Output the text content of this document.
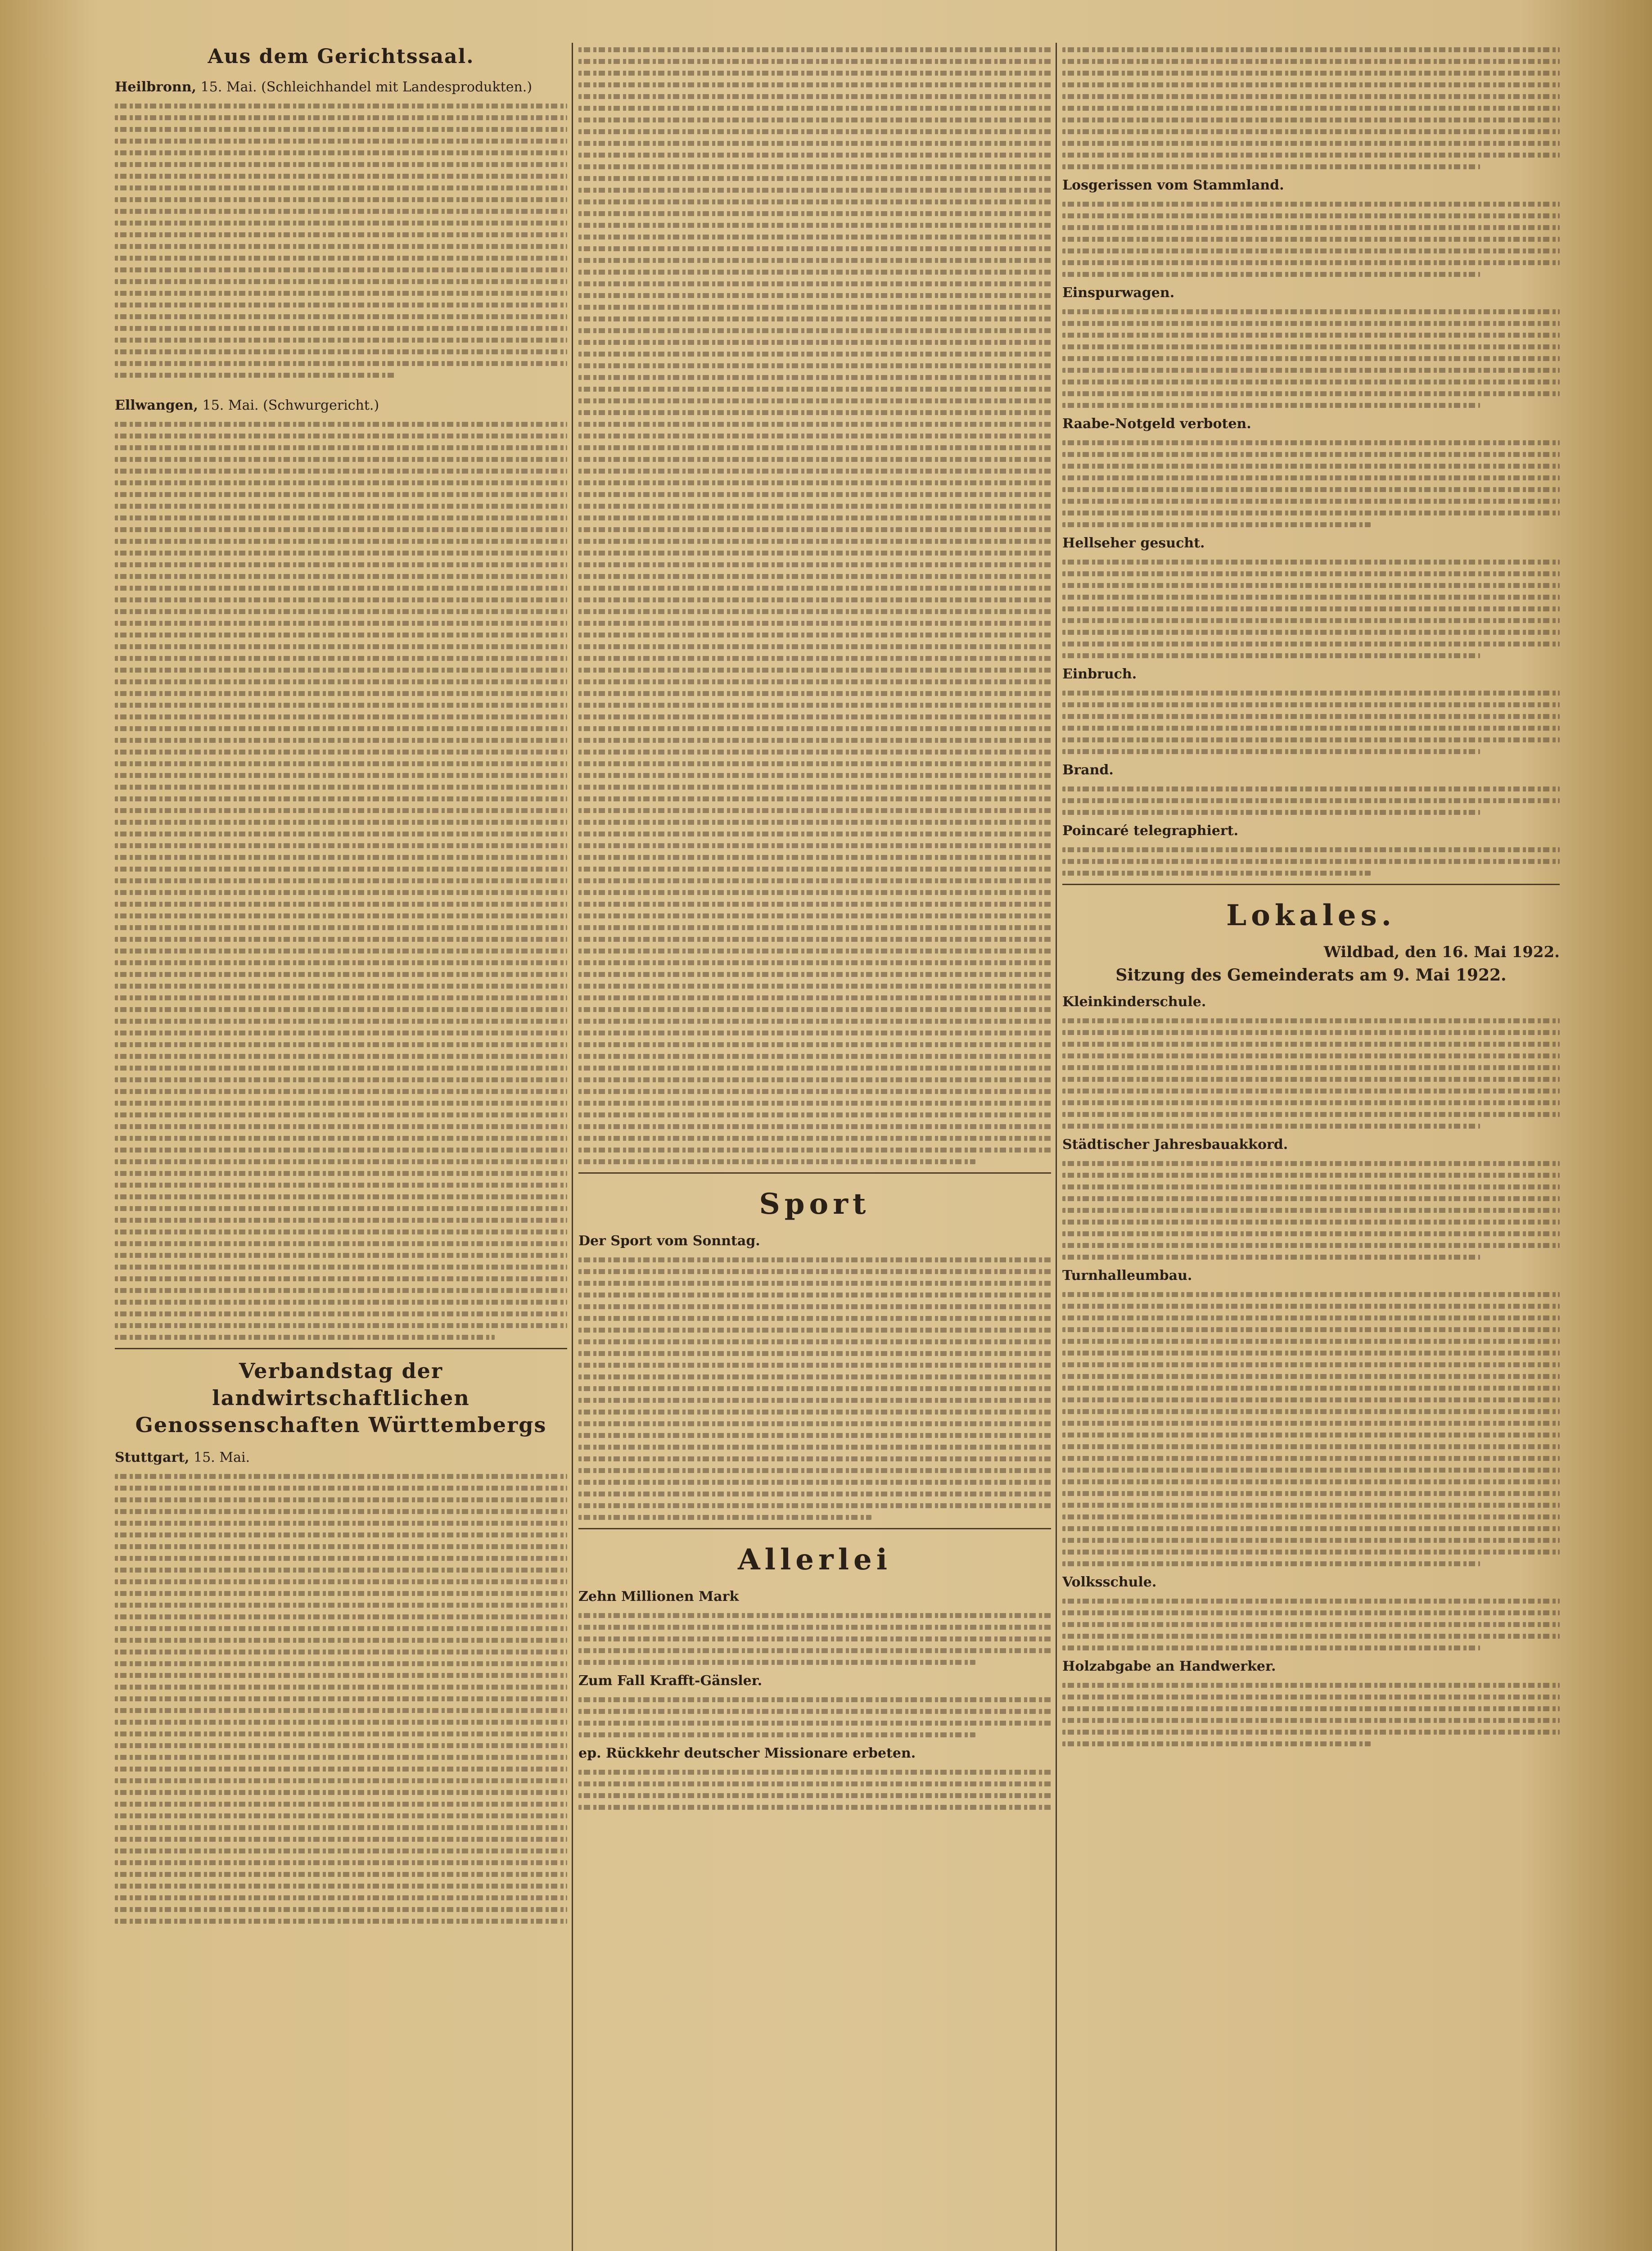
Aus dem Gerichtssaal.

Heilbronn, 15. Mai. (Schleichhandel mit Landesprodukten.)

Ellwangen, 15. Mai. (Schwurgericht.)

Verbandstag der landwirtschaftlichen Genossenschaften Württembergs

Stuttgart, 15. Mai.

Sport

Der Sport vom Sonntag.

Allerlei

Zehn Millionen Mark

Zum Fall Krafft-Gänsler.

ep. Rückkehr deutscher Missionare erbeten.

Losgerissen vom Stammland.

Einspurwagen.

Raabe-Notgeld verboten.

Hellseher gesucht.

Einbruch.

Brand.

Poincaré telegraphiert.

Lokales.
Wildbad, den 16. Mai 1922.
Sitzung des Gemeinderats am 9. Mai 1922.

Kleinkinderschule.

Städtischer Jahresbauakkord.

Turnhalleumbau.

Volksschule.

Holzabgabe an Handwerker.
